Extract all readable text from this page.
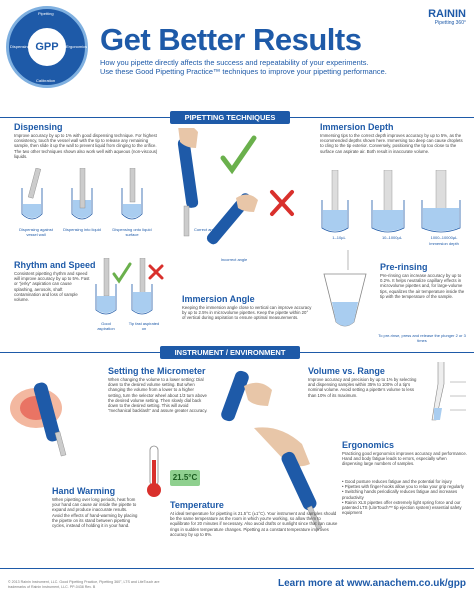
GPP
Pipetting
Dispensing	Ergonomics
Calibration
Get Better Results
How you pipette directly affects the success and repeatability of your experiments.
Use these Good Pipetting Practice™ techniques to improve your pipetting performance.
RAININ
Pipetting 360°
PIPETTING TECHNIQUES
Dispensing
Improve accuracy by up to 1% with good dispensing technique. For highest consistency, touch the vessel wall with the tip to release any remaining sample, then slide it up the wall to prevent liquid from clinging to the orifice. The two other techniques shown also work well with aqueous (non-viscous) liquids.
Dispensing against vessel wall
Dispensing into liquid	Dispensing onto liquid surface
Correct angle
Incorrect angle
Immersion Depth
Immersing tips to the correct depth improves accuracy by up to 5%, as the recommended depths shown here. Immersing too deep can cause droplets to cling to the tip exterior. Conversely, positioning the tip too close to the surface can aspirate air. Both result in inaccurate volume.
1–10µL	10–1000µL	1000–10000µL
Immersion depth
Rhythm and Speed
Consistent pipetting rhythm and speed will improve accuracy by up to 5%. Fast or "jerky" aspiration can cause splashing, aerosols, shaft contamination and loss of sample volume.
Good aspiration
Tip fast aspirated on
Immersion Angle
Keeping the immersion angle close to vertical can improve accuracy by up to 2.5% in microvolume pipettes. Keep the pipette within 20° of vertical during aspiration to ensure optimal measurements.
Pre-rinsing
Pre-rinsing can increase accuracy by up to 0.2%. It helps neutralize capillary effects in microvolume pipettes and, for large-volume tips, equalizes the air temperature inside the tip with the temperature of the sample.
To pre-rinse, press and release the plunger 2 or 3 times
INSTRUMENT / ENVIRONMENT
Setting the Micrometer
When changing the volume to a lower setting: Dial down to the desired volume setting. But when changing the volume from a lower to a higher setting, turn the selector wheel about 1/3 turn above the desired volume setting. Then slowly dial back down to the desired setting. This will avoid "mechanical backlash" and assure greater accuracy.
Volume vs. Range
Improve accuracy and precision by up to 1% by selecting and dispensing samples within 35% to 100% of a tip's nominal volume. Avoid setting a pipette's volume to less than 10% of its maximum.
Ergonomics
Practicing good ergonomics improves accuracy and performance. Hand and body fatigue leads to errors, especially when dispensing large numbers of samples.
• Good posture reduces fatigue and the potential for injury
• Pipettes with finger-hooks allow you to relax your grip regularly
• Switching hands periodically reduces fatigue and increases productivity
• Rainin XLS pipettes offer extremely light spring force and our patented LTS (LiteTouch™ tip ejection system) essential safety equipment
Hand Warming
When pipetting over long periods, heat from your hand can cause air inside the pipette to expand and produce inaccurate results. Avoid the effects of hand-warming by placing the pipette on its stand between pipetting cycles, instead of holding it in your hand.
21.5°C
Temperature
At ideal temperature for pipetting is 21.5°C (±1°C). Your instrument and samples should be the same temperature as the room in which you're working, so allow them to equilibrate for 20 minutes if necessary. Also avoid drafts or sunlight since that can cause rings in sudden temperature changes. Pipetting at a constant temperature improves accuracy by up to 8%.
© 2013 Rainin Instrument, LLC. Good Pipetting Practice, Pipetting 360°, LTS and LiteTouch are trademarks of Rainin Instrument, LLC. PP-0438 Rev. B	Learn more at www.anachem.co.uk/gpp
